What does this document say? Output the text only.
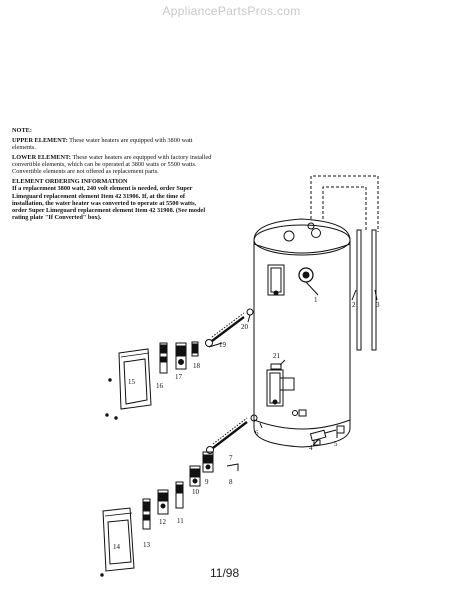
AppliancePartsPros.com

NOTE:

UPPER ELEMENT: These water heaters are equipped with 3800 watt elements.

LOWER ELEMENT: These water heaters are equipped with factory installed convertible elements, which can be operated at 3800 watts or 5500 watts. Convertible elements are not offered as replacement parts.

ELEMENT ORDERING INFORMATION

If a replacement 3800 watt, 240 volt element is needed, order Super Limeguard replacement element Item 42 31906. If, at the time of installation, the water heater was converted to operate at 5500 watts, order Super Limeguard replacement element Item 42 31908. (See model rating plate "If Converted" box).

1
2	3
4	5
6
7
8
9
10
11
12
13
14
15	16
17
18
19
20
21
11/98
